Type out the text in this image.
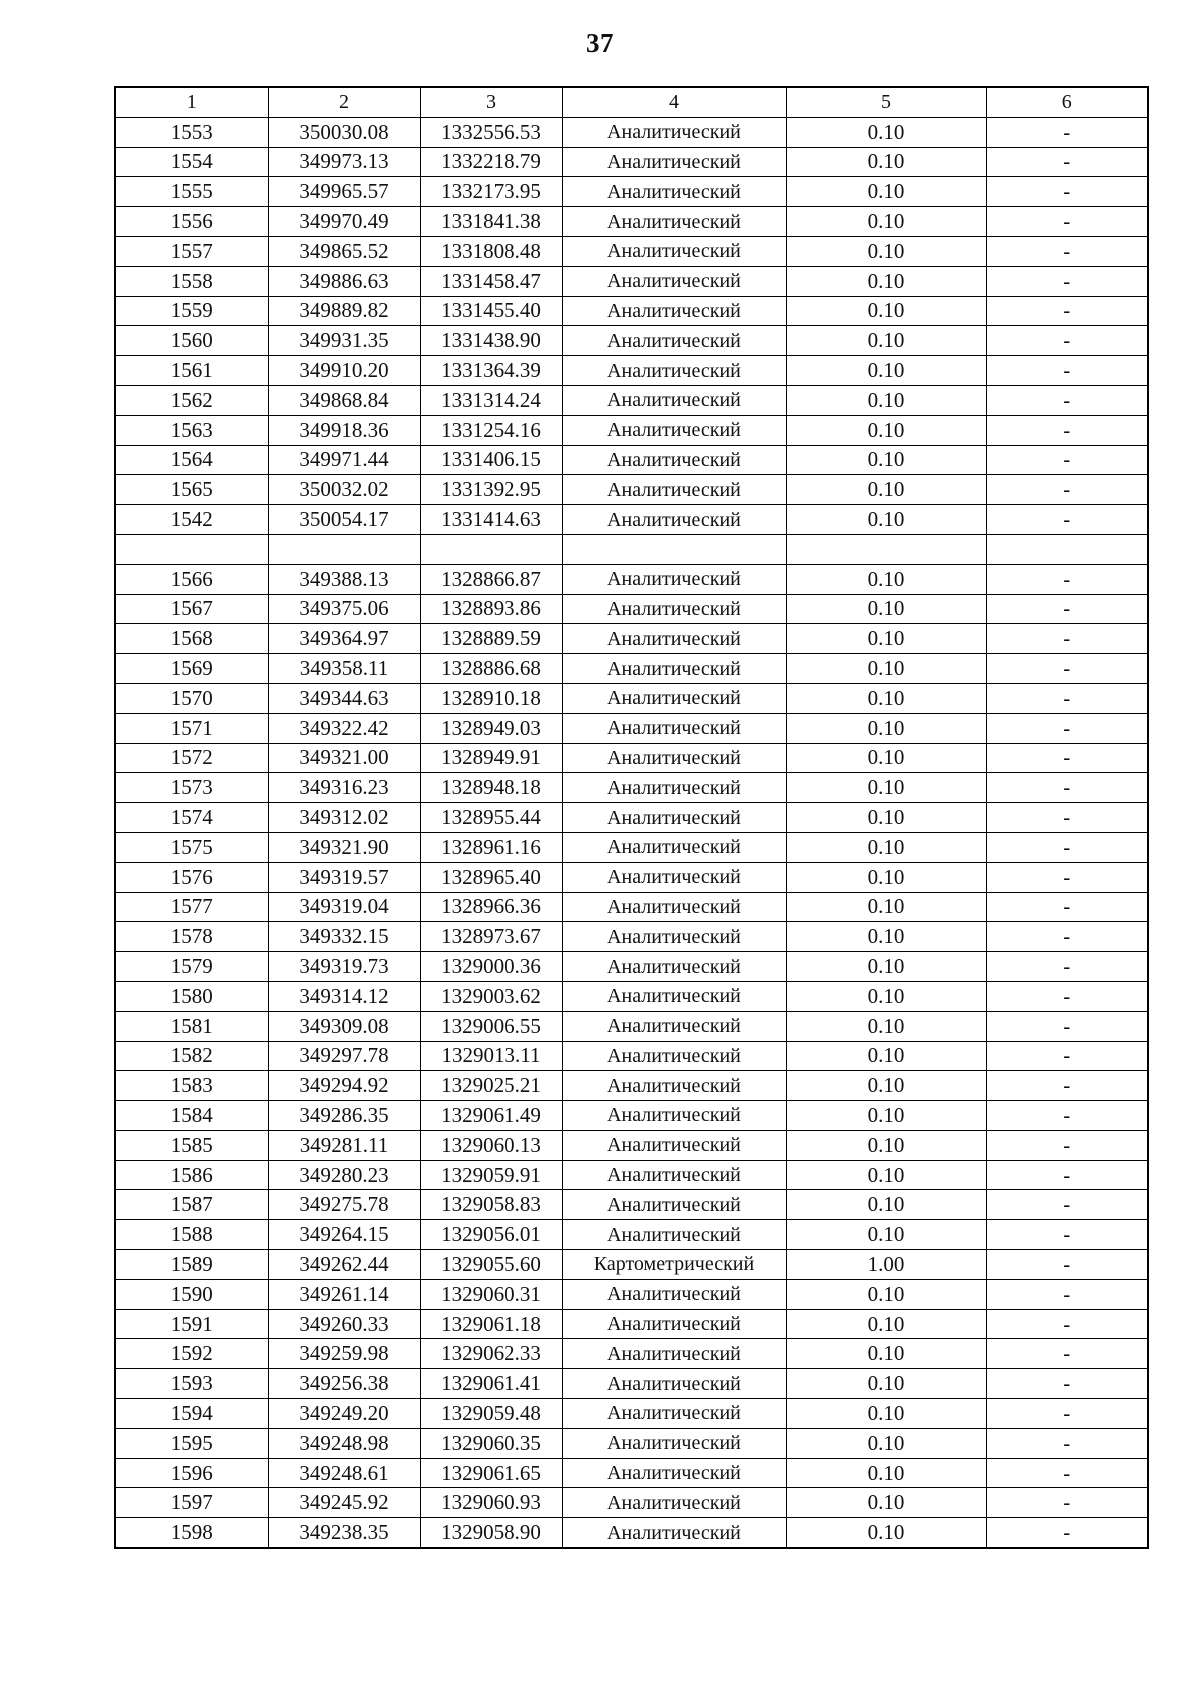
37
1	2	3	4	5	6
1553	350030.08	1332556.53	Аналитический	0.10	-
1554	349973.13	1332218.79	Аналитический	0.10	-
1555	349965.57	1332173.95	Аналитический	0.10	-
1556	349970.49	1331841.38	Аналитический	0.10	-
1557	349865.52	1331808.48	Аналитический	0.10	-
1558	349886.63	1331458.47	Аналитический	0.10	-
1559	349889.82	1331455.40	Аналитический	0.10	-
1560	349931.35	1331438.90	Аналитический	0.10	-
1561	349910.20	1331364.39	Аналитический	0.10	-
1562	349868.84	1331314.24	Аналитический	0.10	-
1563	349918.36	1331254.16	Аналитический	0.10	-
1564	349971.44	1331406.15	Аналитический	0.10	-
1565	350032.02	1331392.95	Аналитический	0.10	-
1542	350054.17	1331414.63	Аналитический	0.10	-

1566	349388.13	1328866.87	Аналитический	0.10	-
1567	349375.06	1328893.86	Аналитический	0.10	-
1568	349364.97	1328889.59	Аналитический	0.10	-
1569	349358.11	1328886.68	Аналитический	0.10	-
1570	349344.63	1328910.18	Аналитический	0.10	-
1571	349322.42	1328949.03	Аналитический	0.10	-
1572	349321.00	1328949.91	Аналитический	0.10	-
1573	349316.23	1328948.18	Аналитический	0.10	-
1574	349312.02	1328955.44	Аналитический	0.10	-
1575	349321.90	1328961.16	Аналитический	0.10	-
1576	349319.57	1328965.40	Аналитический	0.10	-
1577	349319.04	1328966.36	Аналитический	0.10	-
1578	349332.15	1328973.67	Аналитический	0.10	-
1579	349319.73	1329000.36	Аналитический	0.10	-
1580	349314.12	1329003.62	Аналитический	0.10	-
1581	349309.08	1329006.55	Аналитический	0.10	-
1582	349297.78	1329013.11	Аналитический	0.10	-
1583	349294.92	1329025.21	Аналитический	0.10	-
1584	349286.35	1329061.49	Аналитический	0.10	-
1585	349281.11	1329060.13	Аналитический	0.10	-
1586	349280.23	1329059.91	Аналитический	0.10	-
1587	349275.78	1329058.83	Аналитический	0.10	-
1588	349264.15	1329056.01	Аналитический	0.10	-
1589	349262.44	1329055.60	Картометрический	1.00	-
1590	349261.14	1329060.31	Аналитический	0.10	-
1591	349260.33	1329061.18	Аналитический	0.10	-
1592	349259.98	1329062.33	Аналитический	0.10	-
1593	349256.38	1329061.41	Аналитический	0.10	-
1594	349249.20	1329059.48	Аналитический	0.10	-
1595	349248.98	1329060.35	Аналитический	0.10	-
1596	349248.61	1329061.65	Аналитический	0.10	-
1597	349245.92	1329060.93	Аналитический	0.10	-
1598	349238.35	1329058.90	Аналитический	0.10	-
